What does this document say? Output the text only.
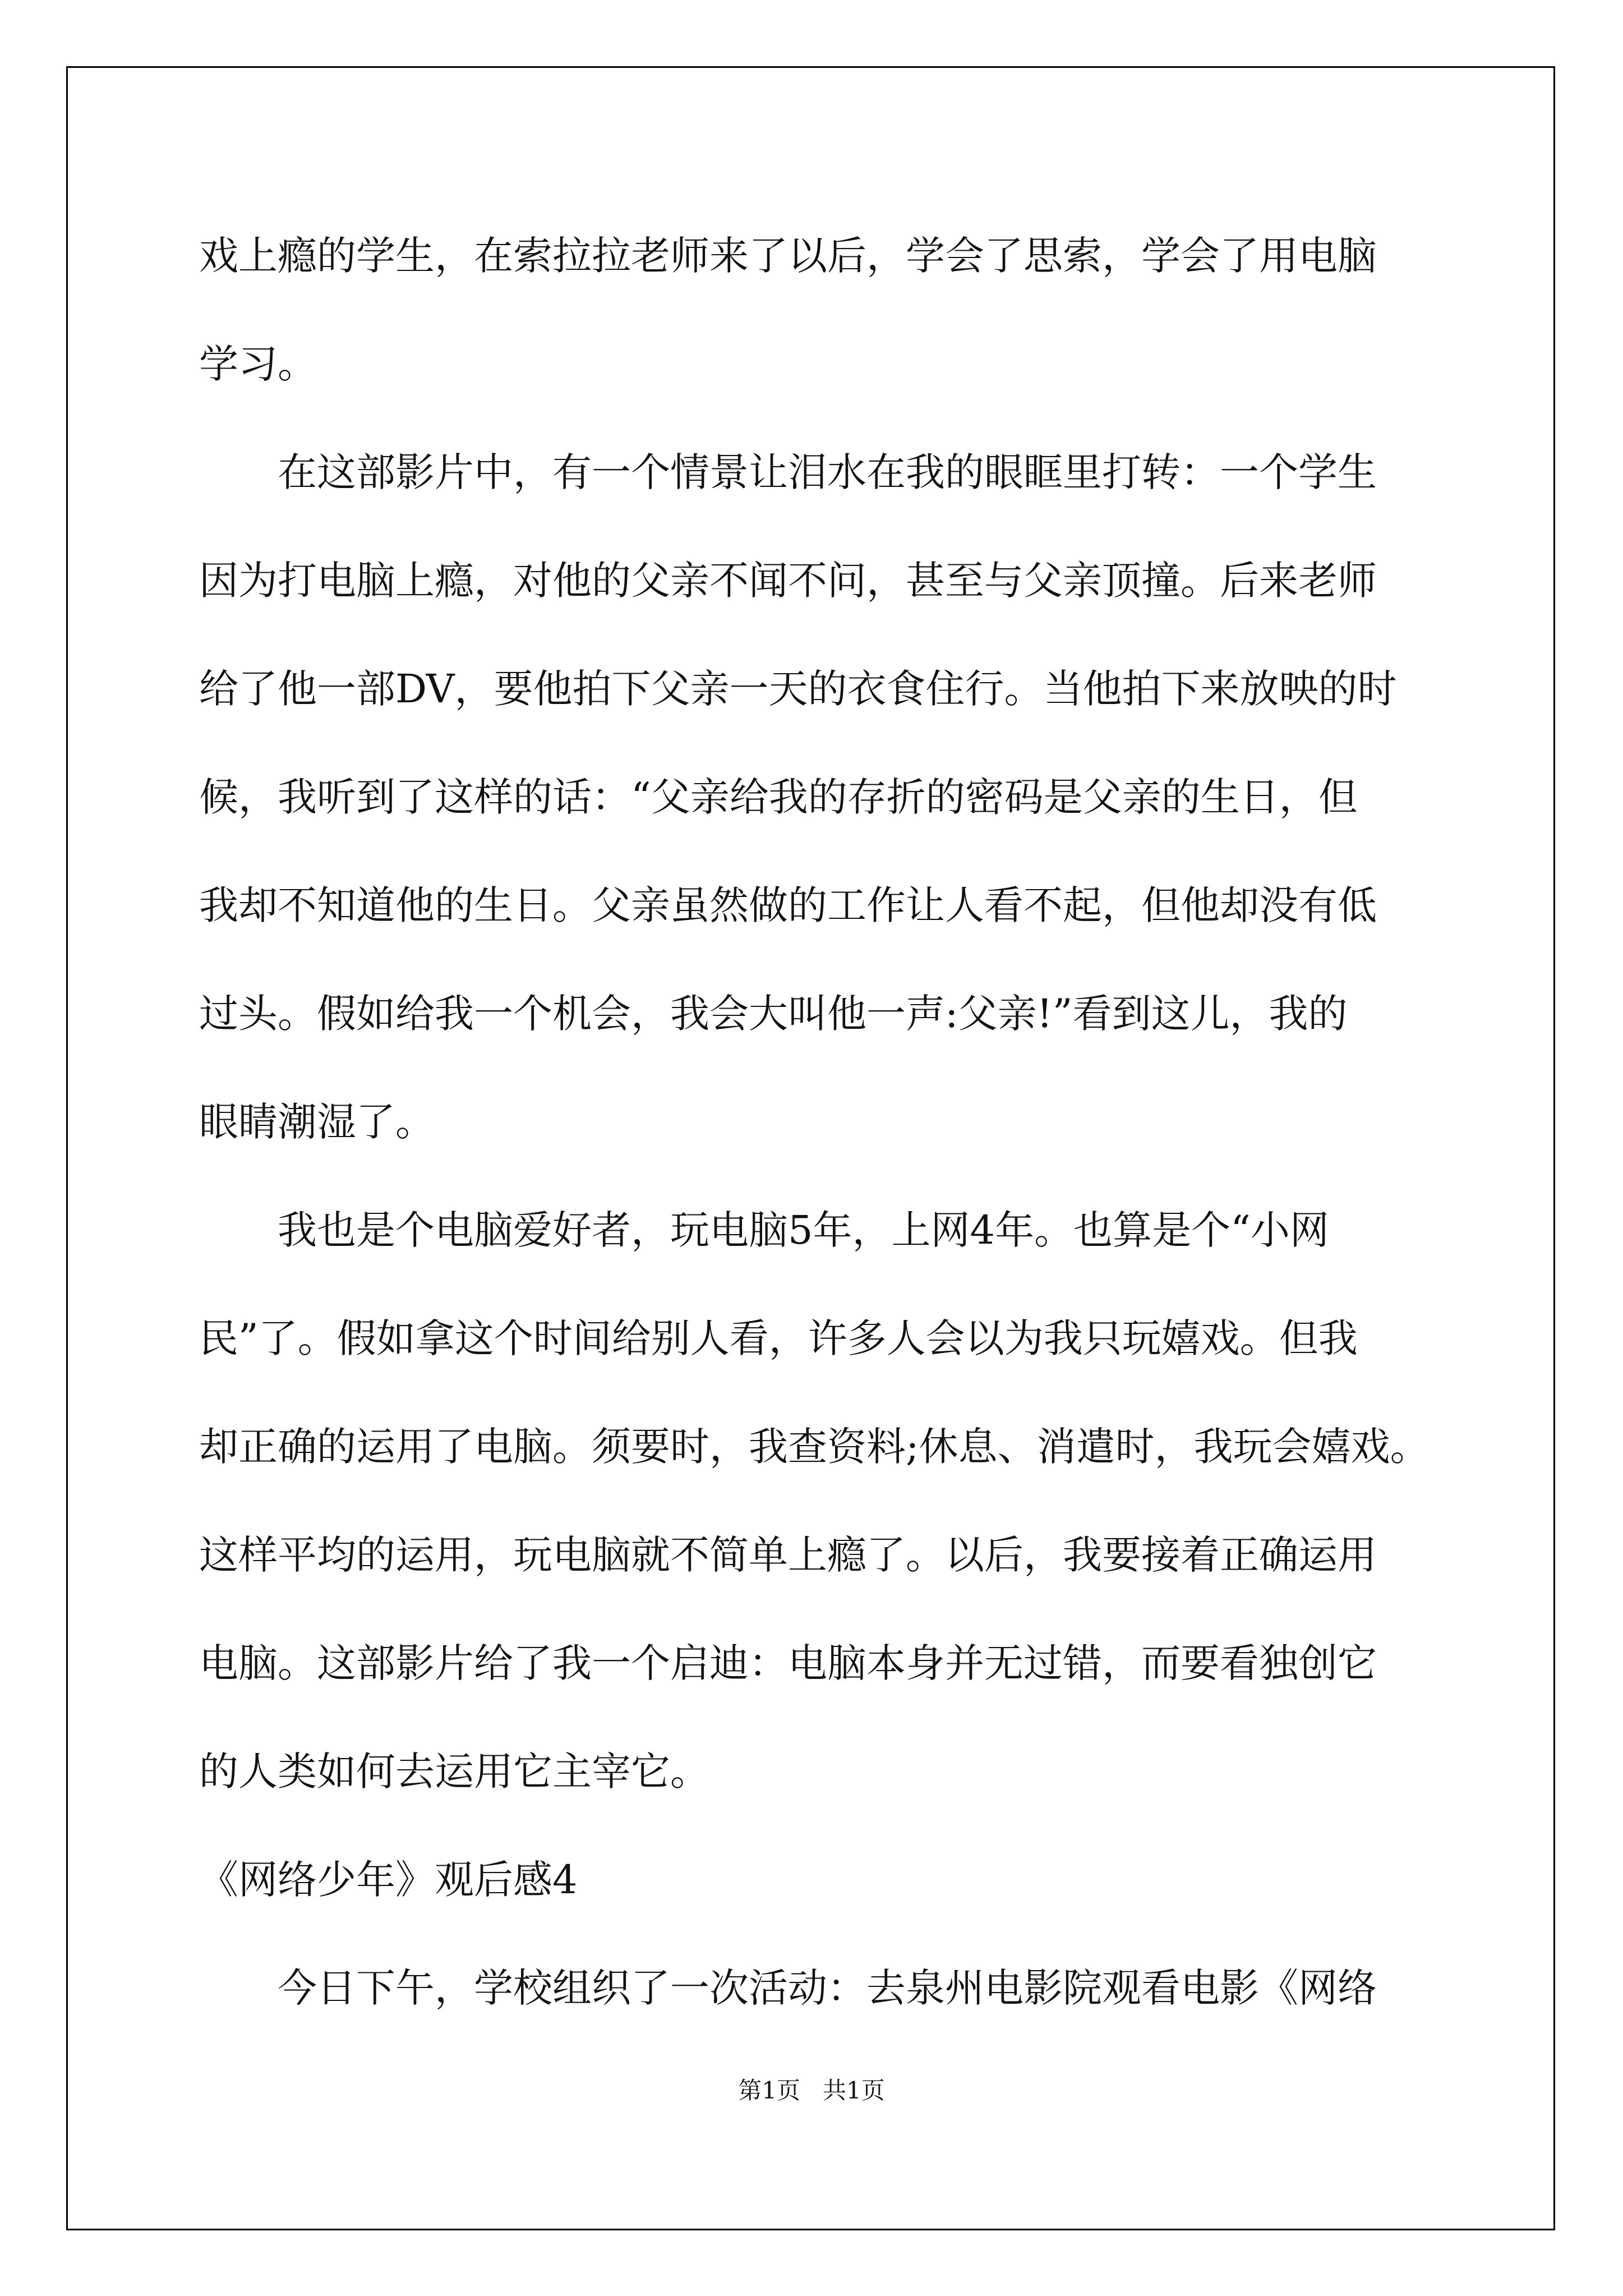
戏上瘾的学生，在索拉拉老师来了以后，学会了思索，学会了用电脑
学习。
在这部影片中，有一个情景让泪水在我的眼眶里打转：一个学生
因为打电脑上瘾，对他的父亲不闻不问，甚至与父亲顶撞。后来老师
给了他一部DV，要他拍下父亲一天的衣食住行。当他拍下来放映的时
候，我听到了这样的话：“父亲给我的存折的密码是父亲的生日，但
我却不知道他的生日。父亲虽然做的工作让人看不起，但他却没有低
过头。假如给我一个机会，我会大叫他一声:父亲!”看到这儿，我的
眼睛潮湿了。
我也是个电脑爱好者，玩电脑5年，上网4年。也算是个“小网
民”了。假如拿这个时间给别人看，许多人会以为我只玩嬉戏。但我
却正确的运用了电脑。须要时，我查资料;休息、消遣时，我玩会嬉戏。
这样平均的运用，玩电脑就不简单上瘾了。以后，我要接着正确运用
电脑。这部影片给了我一个启迪：电脑本身并无过错，而要看独创它
的人类如何去运用它主宰它。
《网络少年》观后感4
今日下午，学校组织了一次活动：去泉州电影院观看电影《网络
第1页   共1页
